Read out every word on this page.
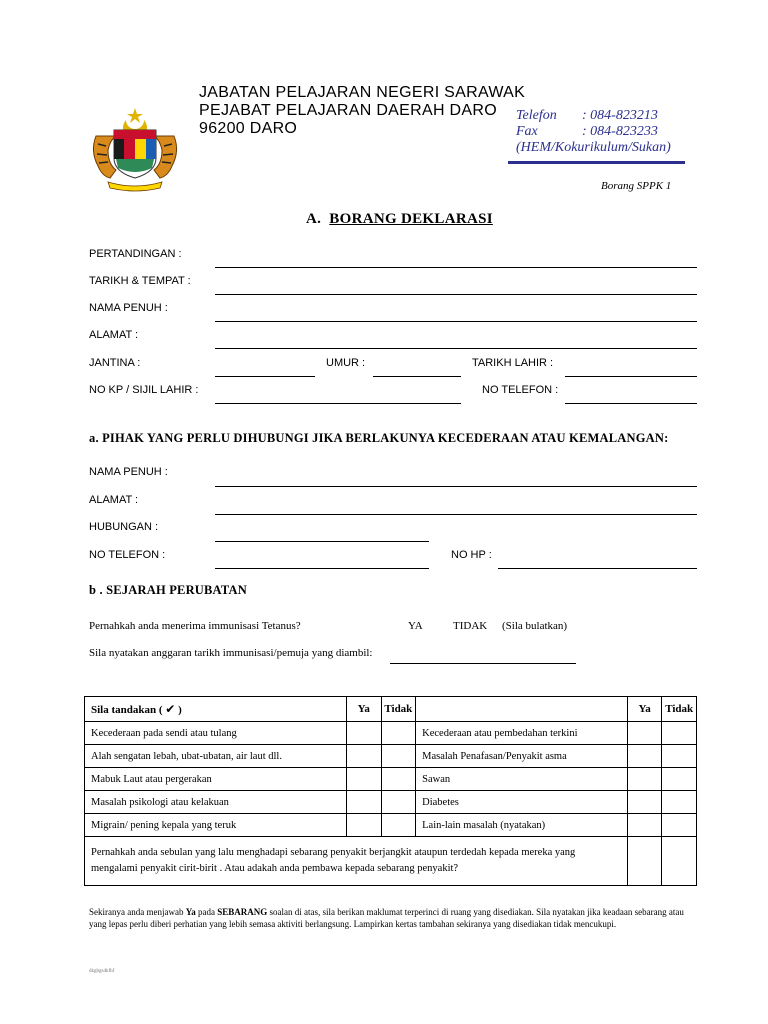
JABATAN PELAJARAN NEGERI SARAWAK
PEJABAT PELAJARAN DAERAH DARO
96200 DARO
Telefon : 084-823213
Fax	: 084-823233
(HEM/Kokurikulum/Sukan)
Borang SPPK 1
A. BORANG DEKLARASI
PERTANDINGAN :
TARIKH & TEMPAT :
NAMA PENUH :
ALAMAT :
JANTINA :	UMUR :	TARIKH LAHIR :
NO KP / SIJIL LAHIR :	NO TELEFON :
a. PIHAK YANG PERLU DIHUBUNGI JIKA BERLAKUNYA KECEDERAAN ATAU KEMALANGAN:
NAMA PENUH :
ALAMAT :
HUBUNGAN :
NO TELEFON :	NO HP :
b . SEJARAH PERUBATAN
Pernahkah anda menerima immunisasi Tetanus?	YA	TIDAK (Sila bulatkan)
Sila nyatakan anggaran tarikh immunisasi/pemuja yang diambil:
Sila tandakan ( ✔ )	Ya	Tidak		Ya	Tidak
Kecederaan pada sendi atau tulang			Kecederaan atau pembedahan terkini		
Alah sengatan lebah, ubat-ubatan, air laut dll.			Masalah Penafasan/Penyakit asma		
Mabuk Laut atau pergerakan			Sawan		
Masalah psikologi atau kelakuan			Diabetes		
Migrain/ pening kepala yang teruk			Lain-lain masalah (nyatakan)		
Pernahkah anda sebulan yang lalu menghadapi sebarang penyakit berjangkit ataupun terdedah kepada mereka yang mengalami penyakit cirit-birit . Atau adakah anda pembawa kepada sebarang penyakit?					
Sekiranya anda menjawab Ya pada SEBARANG soalan di atas, sila berikan maklumat terperinci di ruang yang disediakan. Sila nyatakan jika keadaan sebarang atau yang lepas perlu diberi perhatian yang lebih semasa aktiviti berlangsung. Lampirkan kertas tambahan sekiranya yang disediakan tidak mencukupi.
dkgbgsdkfhf
